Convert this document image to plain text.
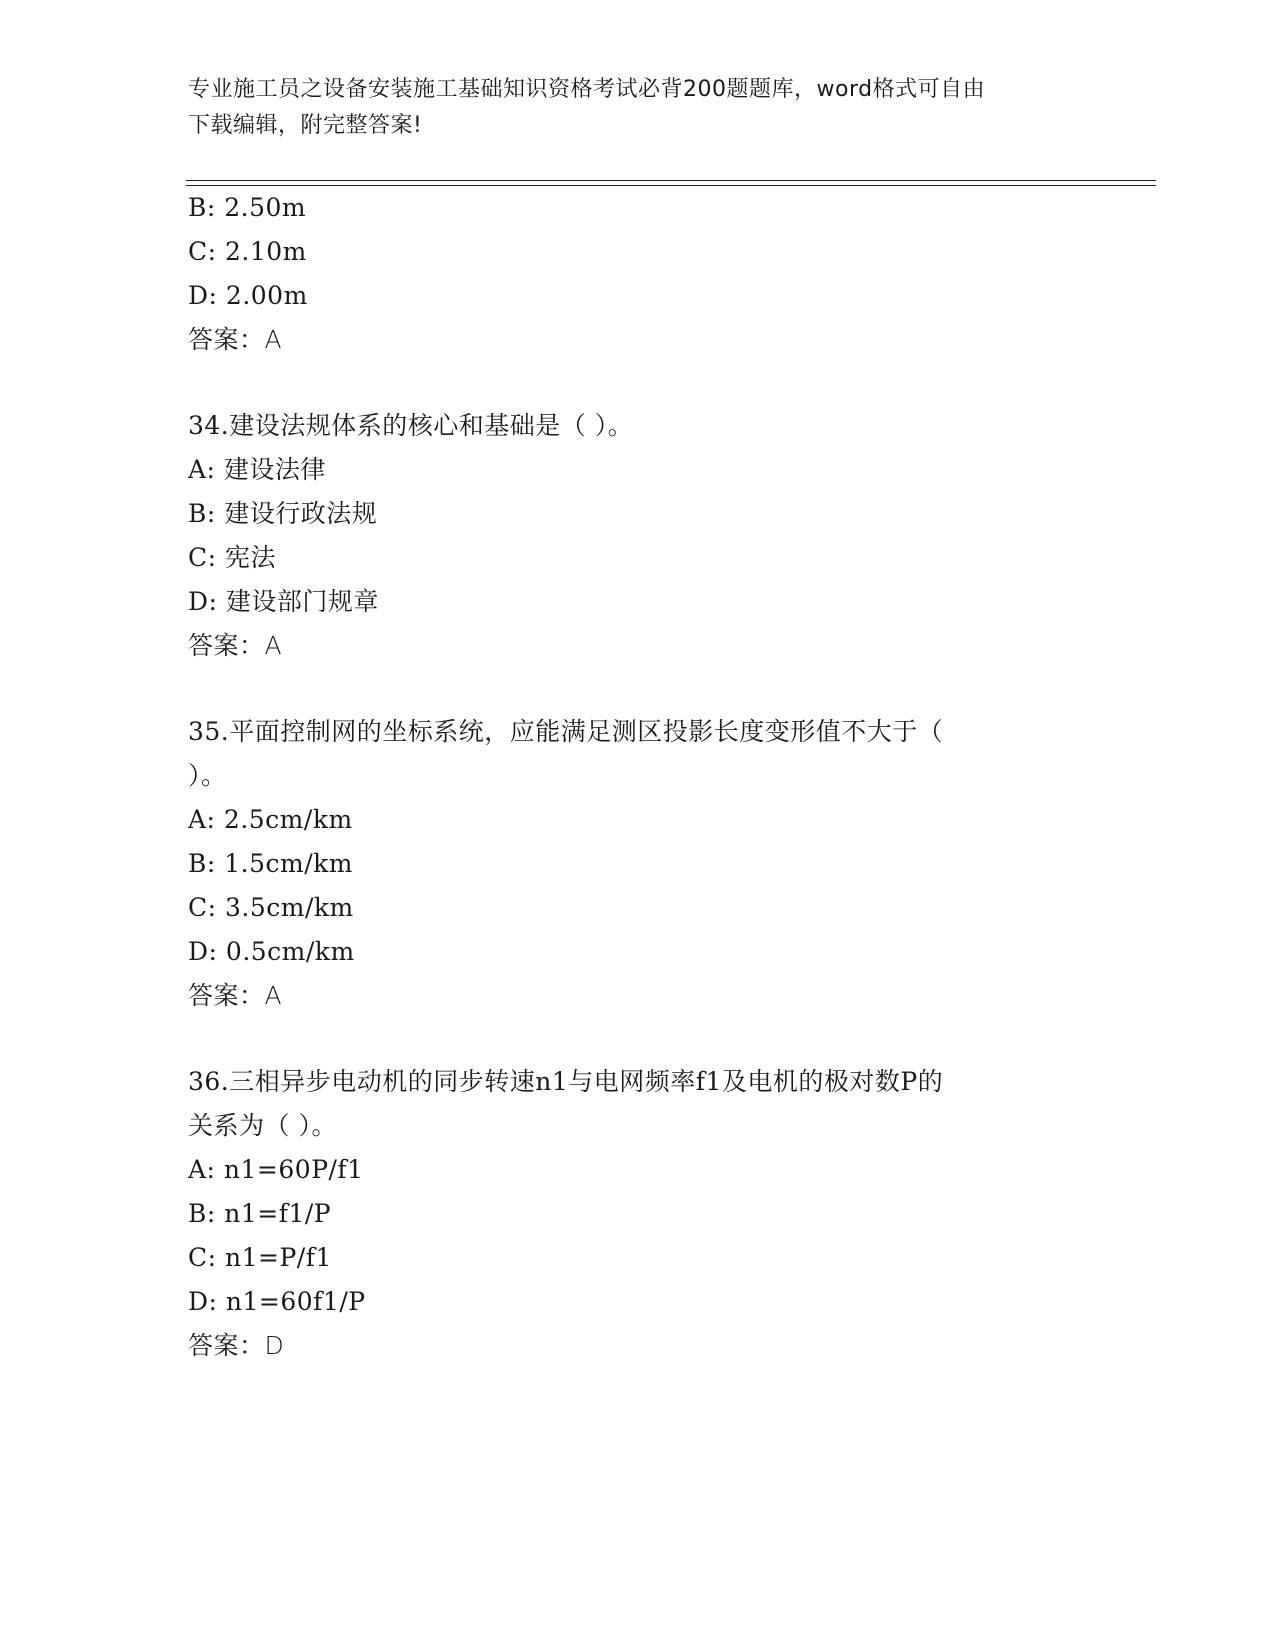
专业施工员之设备安装施工基础知识资格考试必背200题题库，word格式可自由
下载编辑，附完整答案!
B: 2.50m
C: 2.10m
D: 2.00m
答案：A
34.建设法规体系的核心和基础是（ ）。
A: 建设法律
B: 建设行政法规
C: 宪法
D: 建设部门规章
答案：A
35.平面控制网的坐标系统，应能满足测区投影长度变形值不大于（
）。
A: 2.5cm/km
B: 1.5cm/km
C: 3.5cm/km
D: 0.5cm/km
答案：A
36.三相异步电动机的同步转速n1与电网频率f1及电机的极对数P的
关系为（ ）。
A: n1=60P/f1
B: n1=f1/P
C: n1=P/f1
D: n1=60f1/P
答案：D
